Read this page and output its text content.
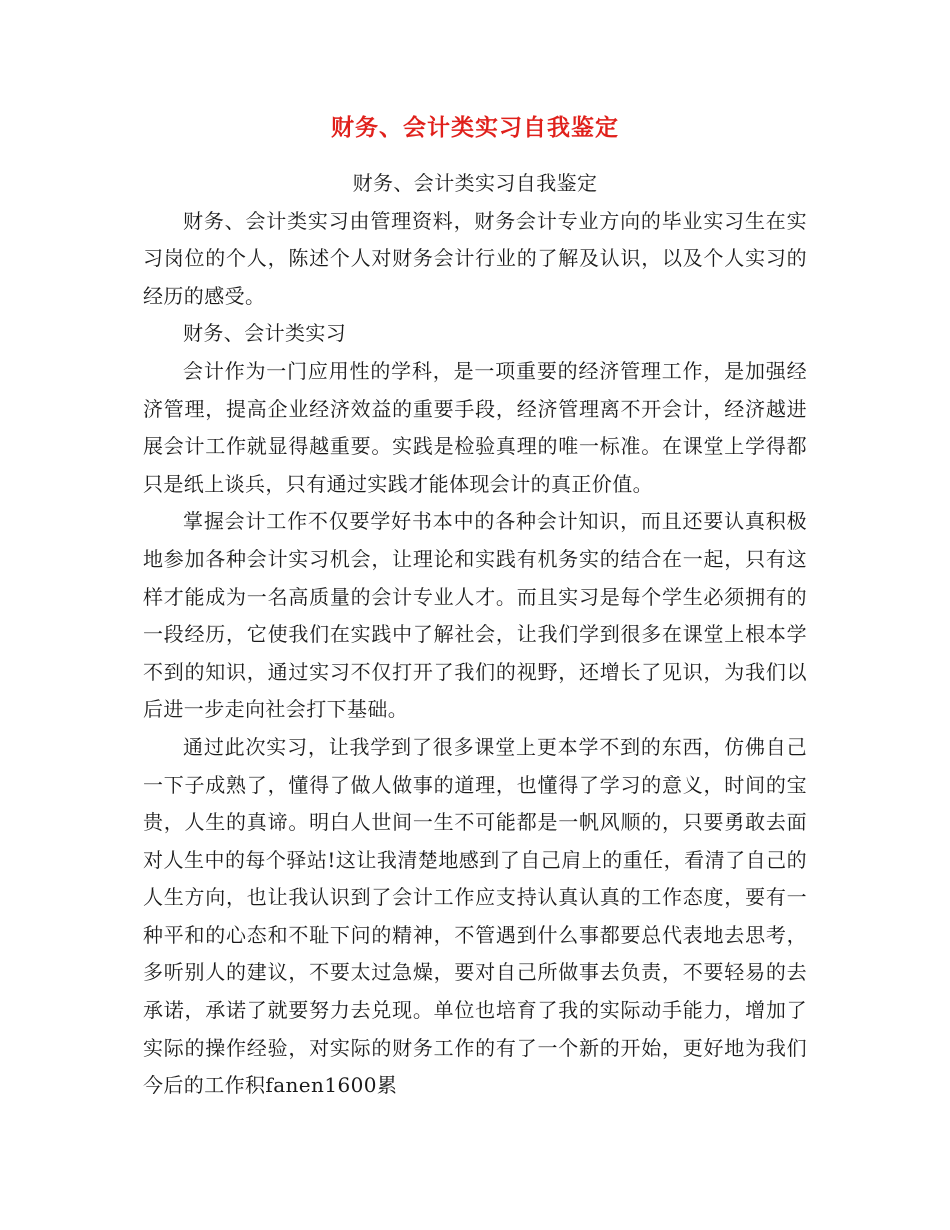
财务、会计类实习自我鉴定

财务、会计类实习自我鉴定

财务、会计类实习由管理资料，财务会计专业方向的毕业实习生在实习岗位的个人，陈述个人对财务会计行业的了解及认识，以及个人实习的经历的感受。

财务、会计类实习

会计作为一门应用性的学科，是一项重要的经济管理工作，是加强经济管理，提高企业经济效益的重要手段，经济管理离不开会计，经济越进展会计工作就显得越重要。实践是检验真理的唯一标准。在课堂上学得都只是纸上谈兵，只有通过实践才能体现会计的真正价值。

掌握会计工作不仅要学好书本中的各种会计知识，而且还要认真积极地参加各种会计实习机会，让理论和实践有机务实的结合在一起，只有这样才能成为一名高质量的会计专业人才。而且实习是每个学生必须拥有的一段经历，它使我们在实践中了解社会，让我们学到很多在课堂上根本学不到的知识，通过实习不仅打开了我们的视野，还增长了见识，为我们以后进一步走向社会打下基础。

通过此次实习，让我学到了很多课堂上更本学不到的东西，仿佛自己一下子成熟了，懂得了做人做事的道理，也懂得了学习的意义，时间的宝贵，人生的真谛。明白人世间一生不可能都是一帆风顺的，只要勇敢去面对人生中的每个驿站!这让我清楚地感到了自己肩上的重任，看清了自己的人生方向，也让我认识到了会计工作应支持认真认真的工作态度，要有一种平和的心态和不耻下问的精神，不管遇到什么事都要总代表地去思考，多听别人的建议，不要太过急燥，要对自己所做事去负责，不要轻易的去承诺，承诺了就要努力去兑现。单位也培育了我的实际动手能力，增加了实际的操作经验，对实际的财务工作的有了一个新的开始，更好地为我们今后的工作积fanen1600累
